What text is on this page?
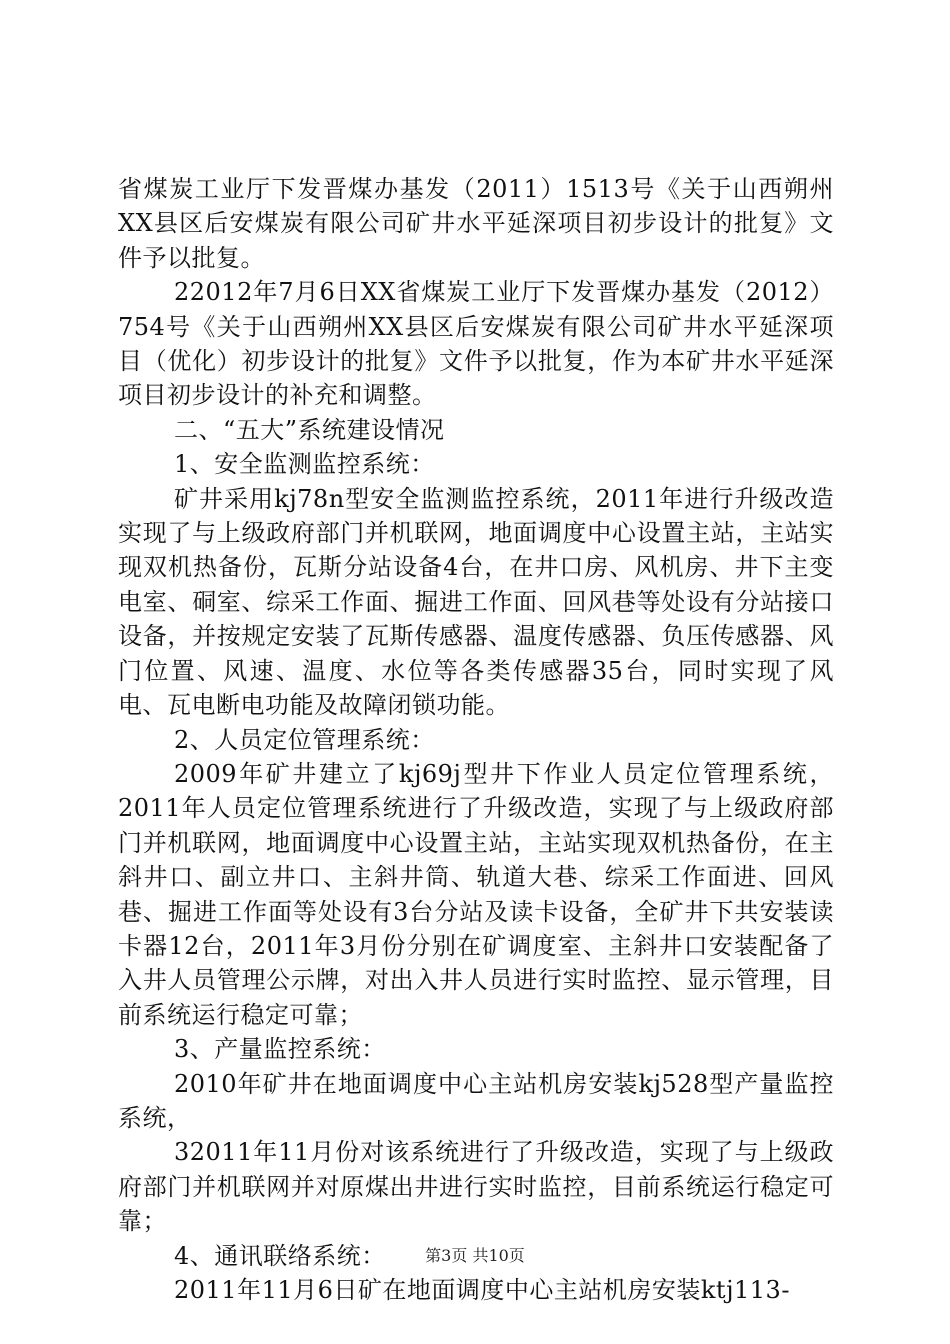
省煤炭工业厅下发晋煤办基发（2011）1513号《关于山西朔州XX县区后安煤炭有限公司矿井水平延深项目初步设计的批复》文件予以批复。

22012年7月6日XX省煤炭工业厅下发晋煤办基发（2012）754号《关于山西朔州XX县区后安煤炭有限公司矿井水平延深项目（优化）初步设计的批复》文件予以批复，作为本矿井水平延深项目初步设计的补充和调整。

二、“五大”系统建设情况

1、安全监测监控系统：

矿井采用kj78n型安全监测监控系统，2011年进行升级改造实现了与上级政府部门并机联网，地面调度中心设置主站，主站实现双机热备份，瓦斯分站设备4台，在井口房、风机房、井下主变电室、硐室、综采工作面、掘进工作面、回风巷等处设有分站接口设备，并按规定安装了瓦斯传感器、温度传感器、负压传感器、风门位置、风速、温度、水位等各类传感器35台，同时实现了风电、瓦电断电功能及故障闭锁功能。

2、人员定位管理系统：

2009年矿井建立了kj69j型井下作业人员定位管理系统，2011年人员定位管理系统进行了升级改造，实现了与上级政府部门并机联网，地面调度中心设置主站，主站实现双机热备份，在主斜井口、副立井口、主斜井筒、轨道大巷、综采工作面进、回风巷、掘进工作面等处设有3台分站及读卡设备，全矿井下共安装读卡器12台，2011年3月份分别在矿调度室、主斜井口安装配备了入井人员管理公示牌，对出入井人员进行实时监控、显示管理，目前系统运行稳定可靠；

3、产量监控系统：

2010年矿井在地面调度中心主站机房安装kj528型产量监控系统，

32011年11月份对该系统进行了升级改造，实现了与上级政府部门并机联网并对原煤出井进行实时监控，目前系统运行稳定可靠；

4、通讯联络系统：

2011年11月6日矿在地面调度中心主站机房安装ktj113-

第3页 共10页
